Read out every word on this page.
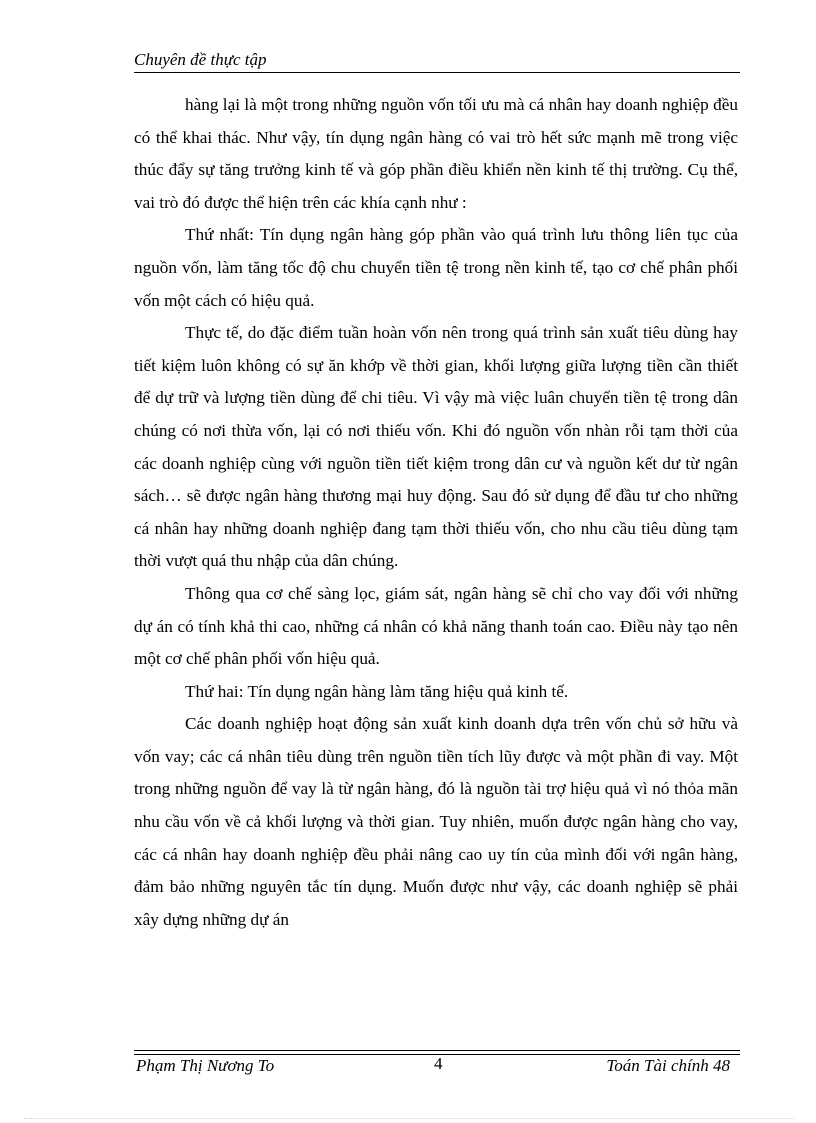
Chuyên đề thực tập

hàng lại là một trong những nguồn vốn tối ưu mà cá nhân hay doanh nghiệp đều có thể khai thác. Như vậy, tín dụng ngân hàng có vai trò hết sức mạnh mẽ trong việc thúc đẩy sự tăng trưởng kinh tế và góp phần điều khiển nền kinh tế thị trường. Cụ thể, vai trò đó được thể hiện trên các khía cạnh như :

Thứ nhất: Tín dụng ngân hàng góp phần vào quá trình lưu thông liên tục của nguồn vốn, làm tăng tốc độ chu chuyển tiền tệ trong nền kinh tế, tạo cơ chế phân phối vốn một cách có hiệu quả.

Thực tế, do đặc điểm tuần hoàn vốn nên trong quá trình sản xuất tiêu dùng hay tiết kiệm luôn không có sự ăn khớp về thời gian, khối lượng giữa lượng tiền cần thiết để dự trữ và lượng tiền dùng để chi tiêu. Vì vậy mà việc luân chuyển tiền tệ trong dân chúng có nơi thừa vốn, lại có nơi thiếu vốn. Khi đó nguồn vốn nhàn rỗi tạm thời của các doanh nghiệp cùng với nguồn tiền tiết kiệm trong dân cư và nguồn kết dư từ ngân sách… sẽ được ngân hàng thương mại huy động. Sau đó sử dụng để đầu tư cho những cá nhân hay những doanh nghiệp đang tạm thời thiếu vốn, cho nhu cầu tiêu dùng tạm thời vượt quá thu nhập của dân chúng.

Thông qua cơ chế sàng lọc, giám sát, ngân hàng sẽ chỉ cho vay đối với những dự án có tính khả thi cao, những cá nhân có khả năng thanh toán cao. Điều này tạo nên một cơ chế phân phối vốn hiệu quả.

Thứ hai: Tín dụng ngân hàng làm tăng hiệu quả kinh tế.

Các doanh nghiệp hoạt động sản xuất kinh doanh dựa trên vốn chủ sở hữu và vốn vay; các cá nhân tiêu dùng trên nguồn tiền tích lũy được và một phần đi vay. Một trong những nguồn để vay là từ ngân hàng, đó là nguồn tài trợ hiệu quả vì nó thỏa mãn nhu cầu vốn về cả khối lượng và thời gian. Tuy nhiên, muốn được ngân hàng cho vay, các cá nhân hay doanh nghiệp đều phải nâng cao uy tín của mình đối với ngân hàng, đảm bảo những nguyên tắc tín dụng. Muốn được như vậy, các doanh nghiệp sẽ phải xây dựng những dự án

Phạm Thị Nương To	4	Toán Tài chính 48
